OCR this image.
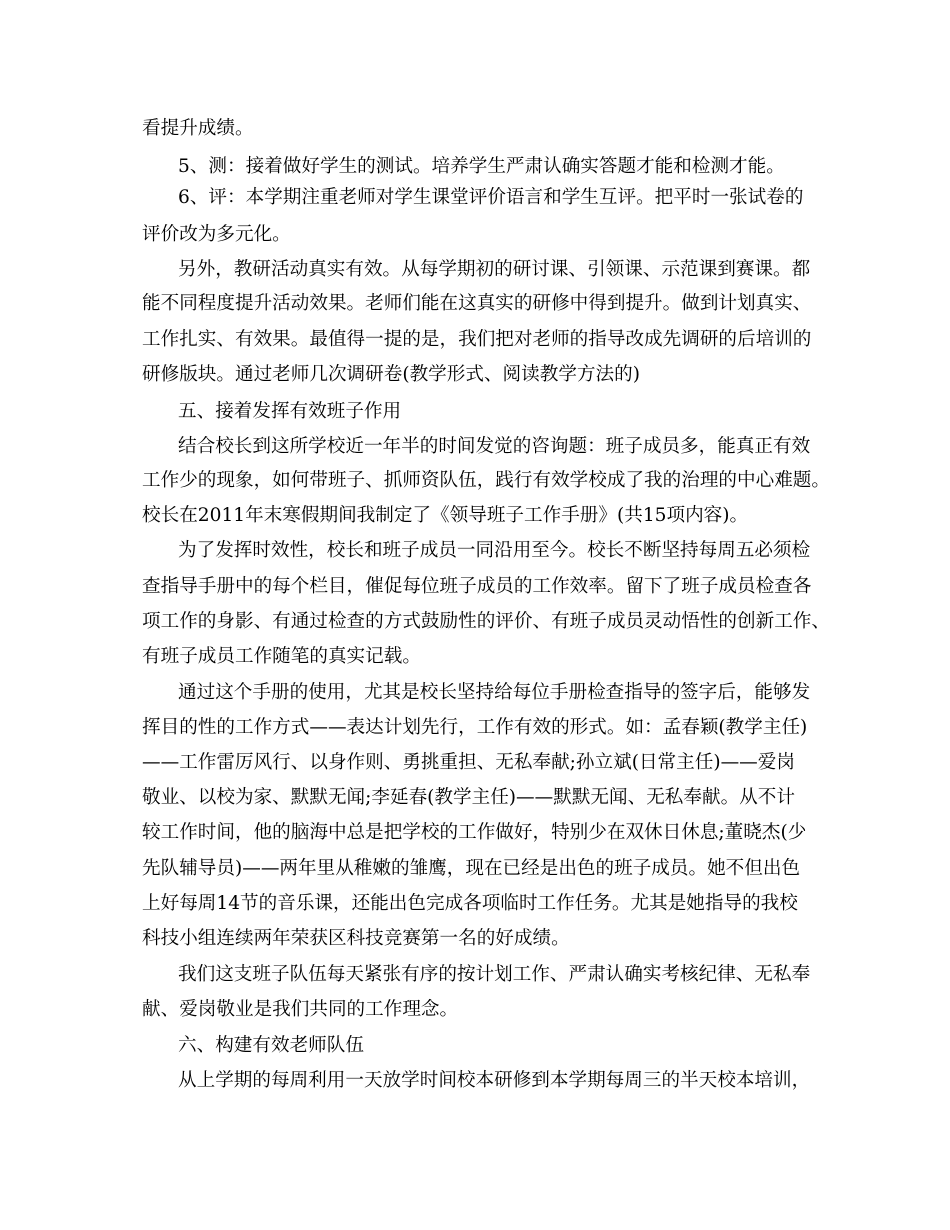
看提升成绩。
5、测：接着做好学生的测试。培养学生严肃认确实答题才能和检测才能。
6、评：本学期注重老师对学生课堂评价语言和学生互评。把平时一张试卷的
评价改为多元化。
另外，教研活动真实有效。从每学期初的研讨课、引领课、示范课到赛课。都
能不同程度提升活动效果。老师们能在这真实的研修中得到提升。做到计划真实、
工作扎实、有效果。最值得一提的是，我们把对老师的指导改成先调研的后培训的
研修版块。通过老师几次调研卷(教学形式、阅读教学方法的)
五、接着发挥有效班子作用
结合校长到这所学校近一年半的时间发觉的咨询题：班子成员多，能真正有效
工作少的现象，如何带班子、抓师资队伍，践行有效学校成了我的治理的中心难题。
校长在2011年末寒假期间我制定了《领导班子工作手册》(共15项内容)。
为了发挥时效性，校长和班子成员一同沿用至今。校长不断坚持每周五必须检
查指导手册中的每个栏目，催促每位班子成员的工作效率。留下了班子成员检查各
项工作的身影、有通过检查的方式鼓励性的评价、有班子成员灵动悟性的创新工作、
有班子成员工作随笔的真实记载。
通过这个手册的使用，尤其是校长坚持给每位手册检查指导的签字后，能够发
挥目的性的工作方式——表达计划先行，工作有效的形式。如：孟春颖(教学主任)
——工作雷厉风行、以身作则、勇挑重担、无私奉献;孙立斌(日常主任)——爱岗
敬业、以校为家、默默无闻;李延春(教学主任)——默默无闻、无私奉献。从不计
较工作时间，他的脑海中总是把学校的工作做好，特别少在双休日休息;董晓杰(少
先队辅导员)——两年里从稚嫩的雏鹰，现在已经是出色的班子成员。她不但出色
上好每周14节的音乐课，还能出色完成各项临时工作任务。尤其是她指导的我校
科技小组连续两年荣获区科技竞赛第一名的好成绩。
我们这支班子队伍每天紧张有序的按计划工作、严肃认确实考核纪律、无私奉
献、爱岗敬业是我们共同的工作理念。
六、构建有效老师队伍
从上学期的每周利用一天放学时间校本研修到本学期每周三的半天校本培训，
